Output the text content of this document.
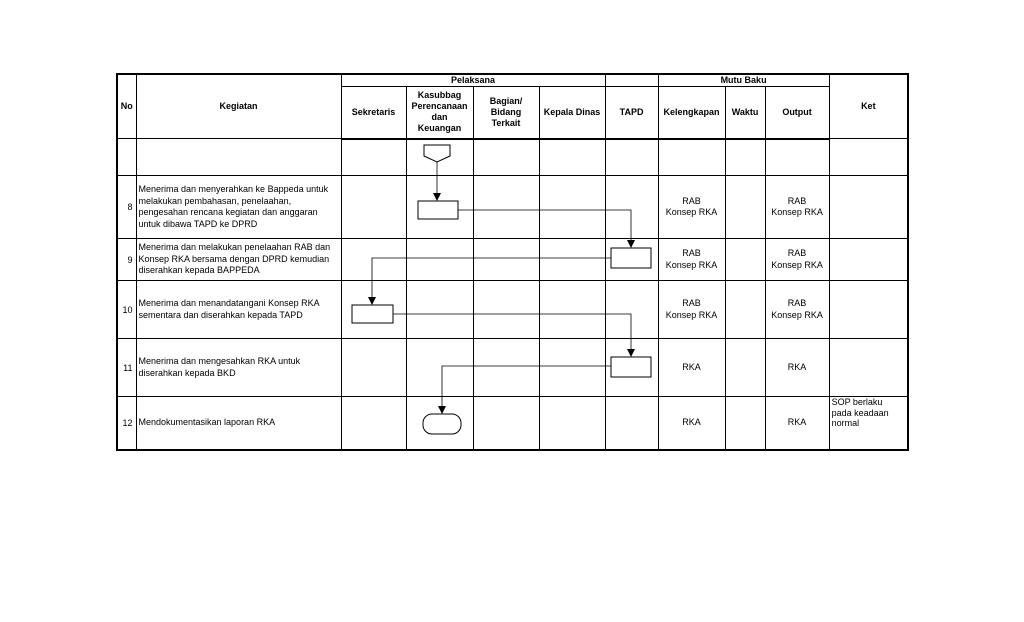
No	Kegiatan	Pelaksana					Mutu Baku			Ket
		Sekretaris	Kasubbag
Perencanaan
dan
Keuangan	Bagian/
Bidang
Terkait	Kepala Dinas	TAPD	Kelengkapan	Waktu	Output	

8	Menerima dan menyerahkan ke Bappeda untuk
melakukan pembahasan, penelaahan,
pengesahan rencana kegiatan dan anggaran
untuk dibawa TAPD ke DPRD						RAB
Konsep RKA		RAB
Konsep RKA	
9	Menerima dan melakukan penelaahan RAB dan
Konsep RKA bersama dengan DPRD kemudian
diserahkan kepada BAPPEDA						RAB
Konsep RKA		RAB
Konsep RKA	
10	Menerima dan menandatangani Konsep RKA
sementara dan diserahkan kepada TAPD						RAB
Konsep RKA		RAB
Konsep RKA	
11	Menerima dan mengesahkan RKA untuk
diserahkan kepada BKD						RKA		RKA	
12	Mendokumentasikan laporan RKA						RKA		RKA	SOP berlaku
pada keadaan
normal
